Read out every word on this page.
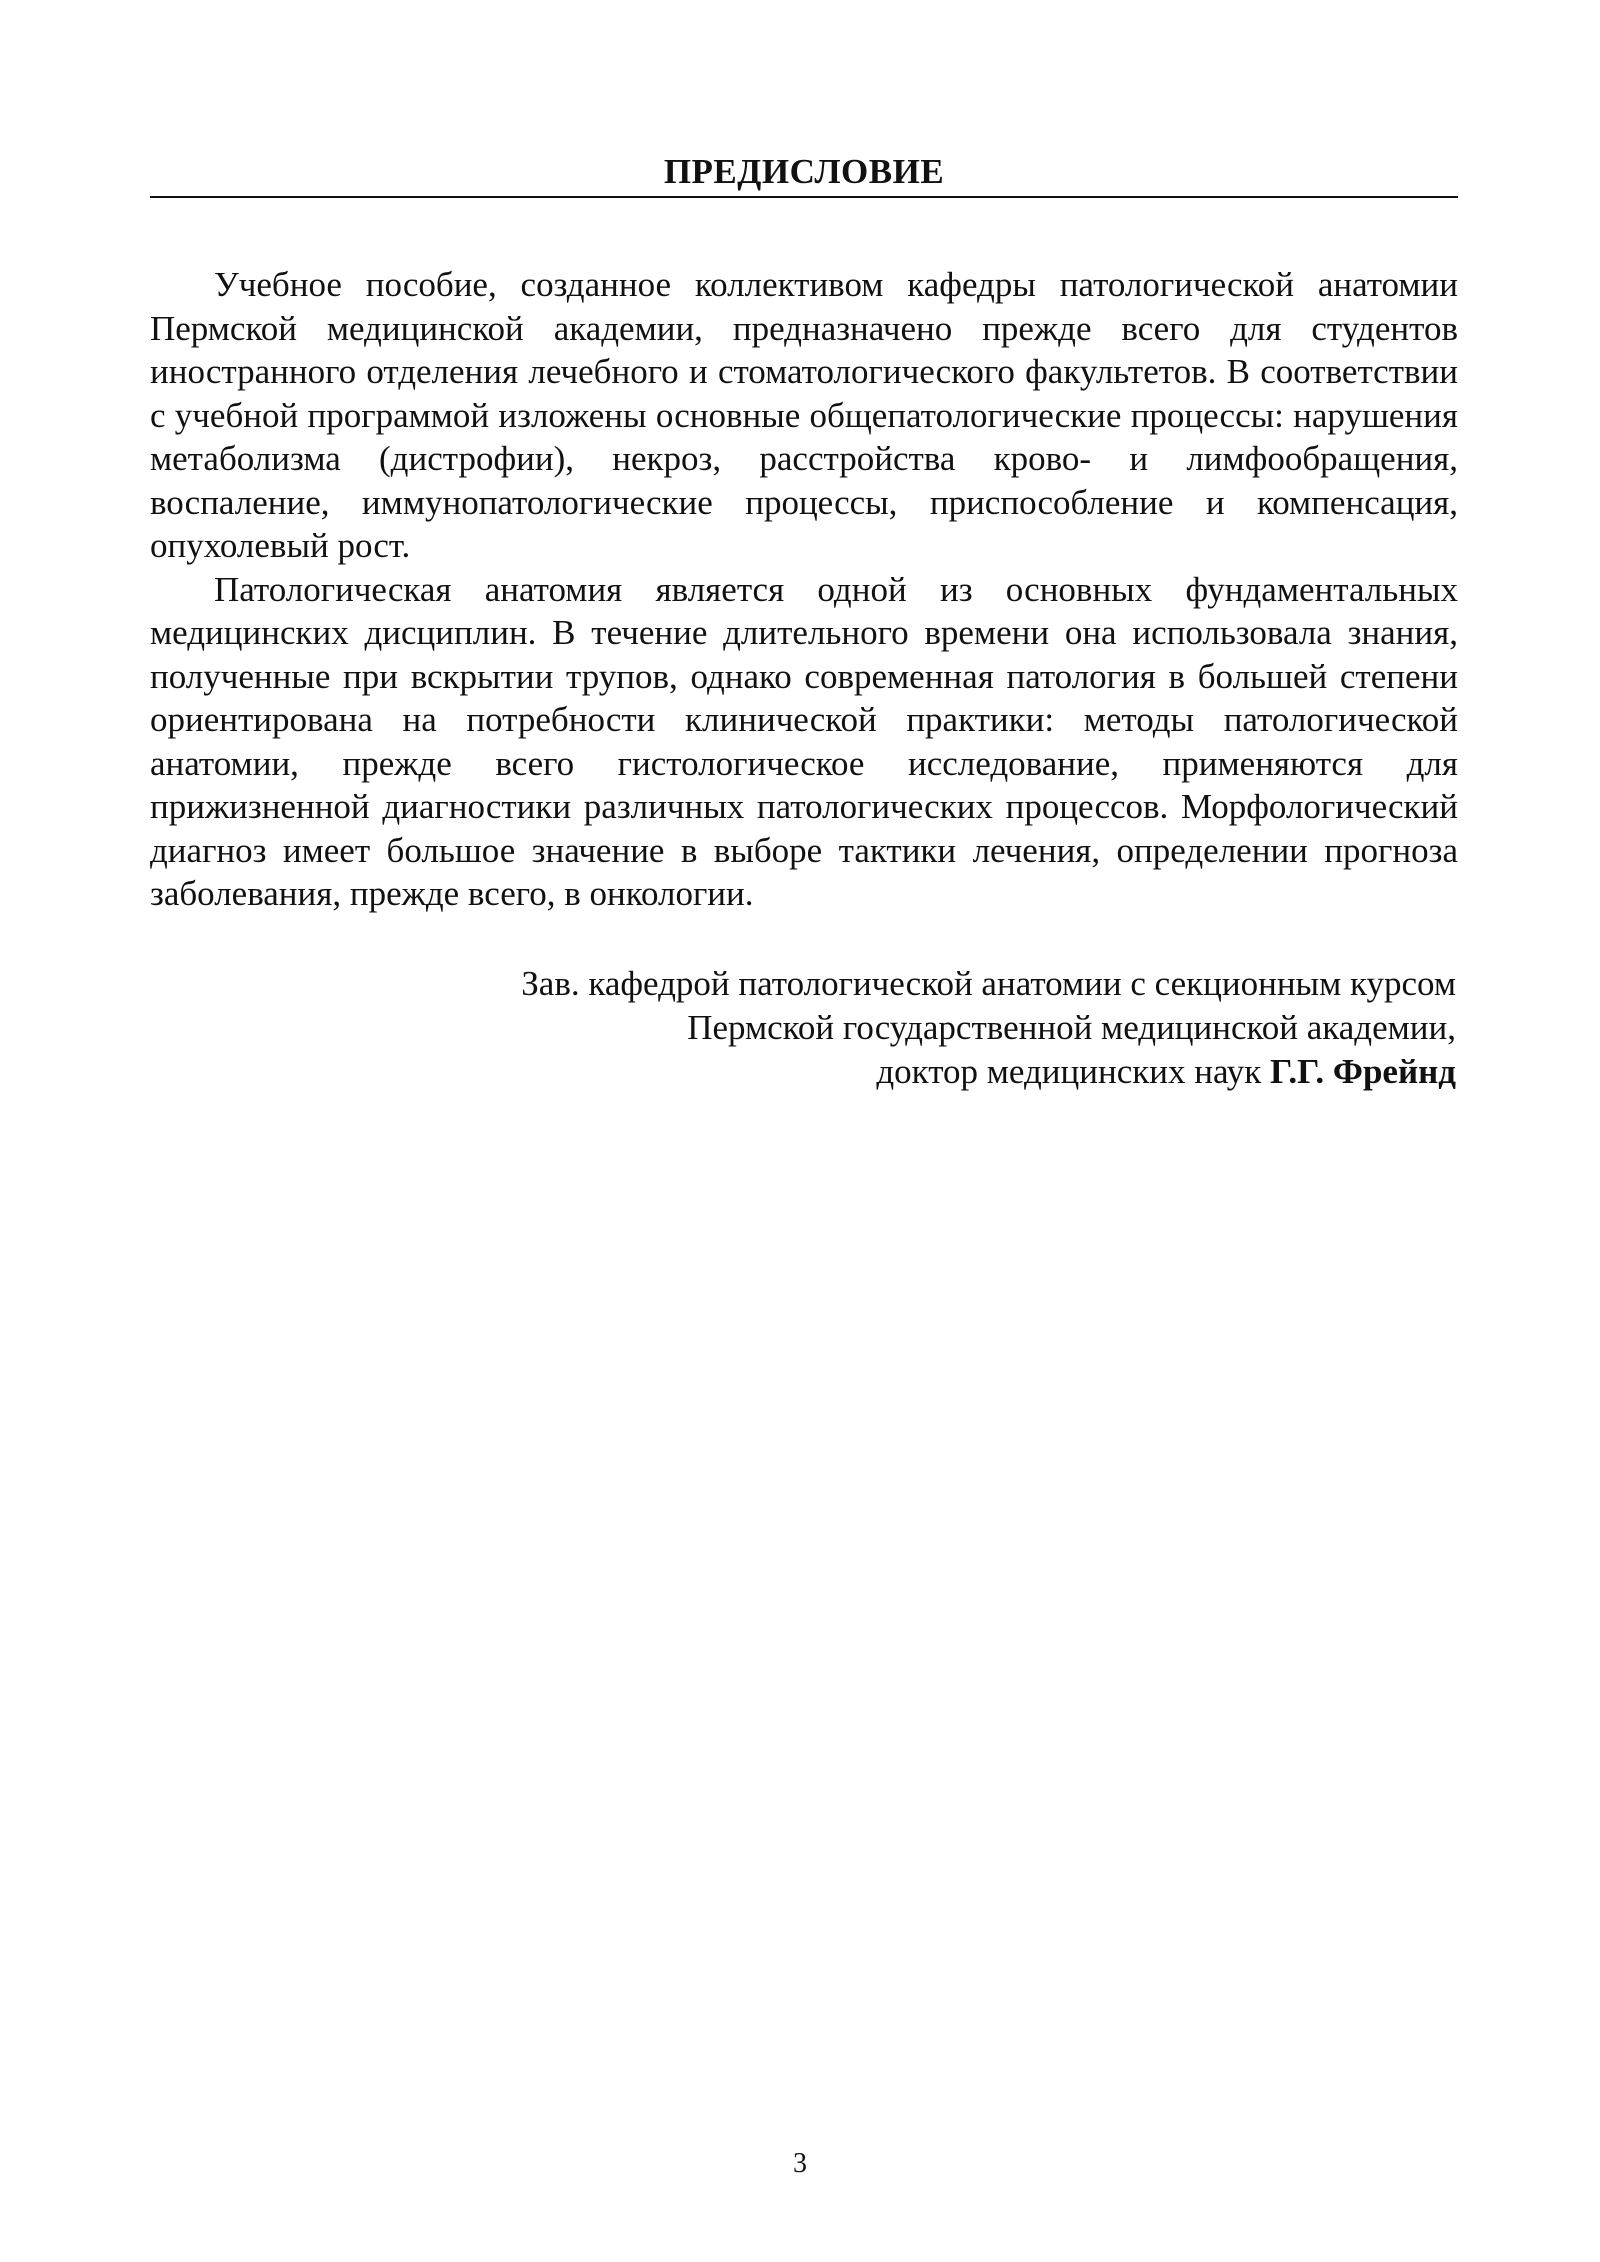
ПРЕДИСЛОВИЕ

Учебное пособие, созданное коллективом кафедры патологической анатомии Пермской медицинской академии, предназначено прежде всего для студентов иностранного отделения лечебного и стоматологического факультетов. В соответствии с учебной программой изложены основные общепатологические процессы: нарушения метаболизма (дистрофии), некроз, расстройства крово- и лимфообращения, воспаление, иммунопатологические процессы, приспособление и компенсация, опухолевый рост.

Патологическая анатомия является одной из основных фундаментальных медицинских дисциплин. В течение длительного времени она использовала знания, полученные при вскрытии трупов, однако современная патология в большей степени ориентирована на потребности клинической практики: методы патологической анатомии, прежде всего гистологическое исследование, применяются для прижизненной диагностики различных патологических процессов. Морфологический диагноз имеет большое значение в выборе тактики лечения, определении прогноза заболевания, прежде всего, в онкологии.

Зав. кафедрой патологической анатомии с секционным курсом
Пермской государственной медицинской академии,
доктор медицинских наук Г.Г. Фрейнд
3
